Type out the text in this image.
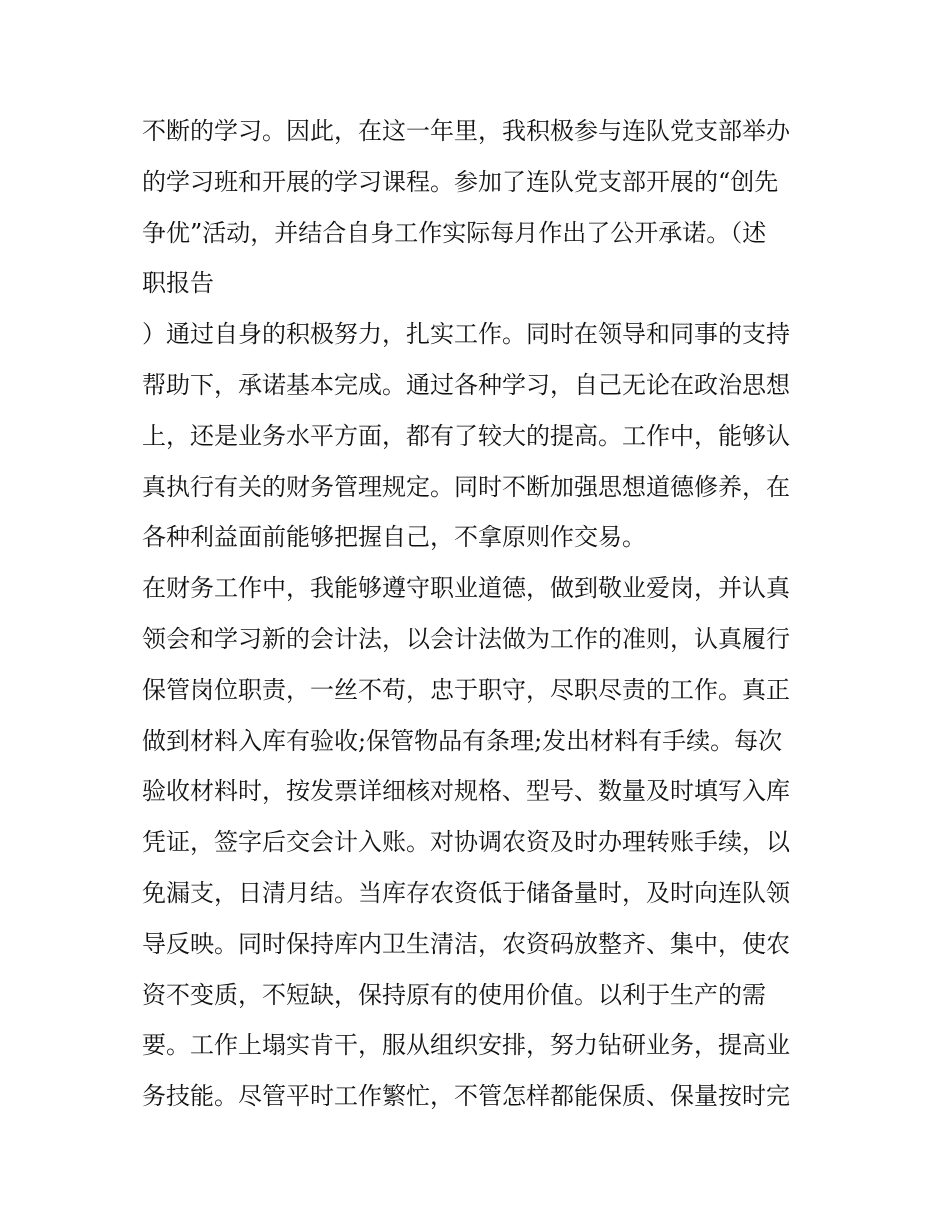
不断的学习。因此，在这一年里，我积极参与连队党支部举办
的学习班和开展的学习课程。参加了连队党支部开展的“创先
争优”活动，并结合自身工作实际每月作出了公开承诺。（述
职报告
）通过自身的积极努力，扎实工作。同时在领导和同事的支持
帮助下，承诺基本完成。通过各种学习，自己无论在政治思想
上，还是业务水平方面，都有了较大的提高。工作中，能够认
真执行有关的财务管理规定。同时不断加强思想道德修养，在
各种利益面前能够把握自己，不拿原则作交易。
在财务工作中，我能够遵守职业道德，做到敬业爱岗，并认真
领会和学习新的会计法，以会计法做为工作的准则，认真履行
保管岗位职责，一丝不苟，忠于职守，尽职尽责的工作。真正
做到材料入库有验收;保管物品有条理;发出材料有手续。每次
验收材料时，按发票详细核对规格、型号、数量及时填写入库
凭证，签字后交会计入账。对协调农资及时办理转账手续，以
免漏支，日清月结。当库存农资低于储备量时，及时向连队领
导反映。同时保持库内卫生清洁，农资码放整齐、集中，使农
资不变质，不短缺，保持原有的使用价值。以利于生产的需
要。工作上塌实肯干，服从组织安排，努力钻研业务，提高业
务技能。尽管平时工作繁忙，不管怎样都能保质、保量按时完
